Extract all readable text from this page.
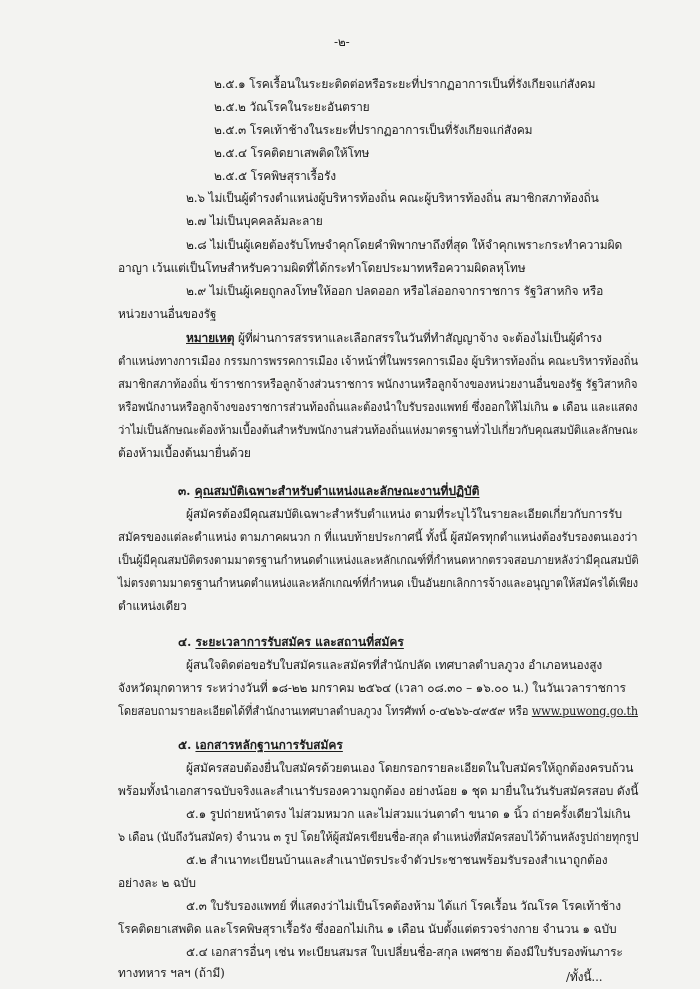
-๒-

๒.๕.๑ โรคเรื้อนในระยะติดต่อหรือระยะที่ปรากฏอาการเป็นที่รังเกียจแก่สังคม

๒.๕.๒ วัณโรคในระยะอันตราย

๒.๕.๓ โรคเท้าช้างในระยะที่ปรากฏอาการเป็นที่รังเกียจแก่สังคม

๒.๕.๔ โรคติดยาเสพติดให้โทษ

๒.๕.๕ โรคพิษสุราเรื้อรัง

๒.๖ ไม่เป็นผู้ดำรงตำแหน่งผู้บริหารท้องถิ่น คณะผู้บริหารท้องถิ่น สมาชิกสภาท้องถิ่น

๒.๗ ไม่เป็นบุคคลล้มละลาย

๒.๘ ไม่เป็นผู้เคยต้องรับโทษจำคุกโดยคำพิพากษาถึงที่สุด ให้จำคุกเพราะกระทำความผิด

อาญา เว้นแต่เป็นโทษสำหรับความผิดที่ได้กระทำโดยประมาทหรือความผิดลหุโทษ

๒.๙ ไม่เป็นผู้เคยถูกลงโทษให้ออก ปลดออก หรือไล่ออกจากราชการ รัฐวิสาหกิจ หรือ

หน่วยงานอื่นของรัฐ

หมายเหตุ ผู้ที่ผ่านการสรรหาและเลือกสรรในวันที่ทำสัญญาจ้าง จะต้องไม่เป็นผู้ดำรง

ตำแหน่งทางการเมือง กรรมการพรรคการเมือง เจ้าหน้าที่ในพรรคการเมือง ผู้บริหารท้องถิ่น คณะบริหารท้องถิ่น

สมาชิกสภาท้องถิ่น ข้าราชการหรือลูกจ้างส่วนราชการ พนักงานหรือลูกจ้างของหน่วยงานอื่นของรัฐ รัฐวิสาหกิจ

หรือพนักงานหรือลูกจ้างของราชการส่วนท้องถิ่นและต้องนำใบรับรองแพทย์ ซึ่งออกให้ไม่เกิน ๑ เดือน และแสดง

ว่าไม่เป็นลักษณะต้องห้ามเบื้องต้นสำหรับพนักงานส่วนท้องถิ่นแห่งมาตรฐานทั่วไปเกี่ยวกับคุณสมบัติและลักษณะ

ต้องห้ามเบื้องต้นมายื่นด้วย

๓. คุณสมบัติเฉพาะสำหรับตำแหน่งและลักษณะงานที่ปฏิบัติ

ผู้สมัครต้องมีคุณสมบัติเฉพาะสำหรับตำแหน่ง ตามที่ระบุไว้ในรายละเอียดเกี่ยวกับการรับ

สมัครของแต่ละตำแหน่ง ตามภาคผนวก ก ที่แนบท้ายประกาศนี้ ทั้งนี้ ผู้สมัครทุกตำแหน่งต้องรับรองตนเองว่า

เป็นผู้มีคุณสมบัติตรงตามมาตรฐานกำหนดตำแหน่งและหลักเกณฑ์ที่กำหนดหากตรวจสอบภายหลังว่ามีคุณสมบัติ

ไม่ตรงตามมาตรฐานกำหนดตำแหน่งและหลักเกณฑ์ที่กำหนด เป็นอันยกเลิกการจ้างและอนุญาตให้สมัครได้เพียง

ตำแหน่งเดียว

๔. ระยะเวลาการรับสมัคร และสถานที่สมัคร

ผู้สนใจติดต่อขอรับใบสมัครและสมัครที่สำนักปลัด เทศบาลตำบลภูวง อำเภอหนองสูง

จังหวัดมุกดาหาร ระหว่างวันที่ ๑๘-๒๒ มกราคม ๒๕๖๔ (เวลา ๐๘.๓๐ – ๑๖.๐๐ น.) ในวันเวลาราชการ

โดยสอบถามรายละเอียดได้ที่สำนักงานเทศบาลตำบลภูวง โทรศัพท์ ๐-๔๒๖๖-๔๙๕๙ หรือ www.puwong.go.th

๕. เอกสารหลักฐานการรับสมัคร

ผู้สมัครสอบต้องยื่นใบสมัครด้วยตนเอง โดยกรอกรายละเอียดในใบสมัครให้ถูกต้องครบถ้วน

พร้อมทั้งนำเอกสารฉบับจริงและสำเนารับรองความถูกต้อง อย่างน้อย ๑ ชุด มายื่นในวันรับสมัครสอบ ดังนี้

๕.๑ รูปถ่ายหน้าตรง ไม่สวมหมวก และไม่สวมแว่นตาดำ ขนาด ๑ นิ้ว ถ่ายครั้งเดียวไม่เกิน

๖ เดือน (นับถึงวันสมัคร) จำนวน ๓ รูป โดยให้ผู้สมัครเขียนชื่อ-สกุล ตำแหน่งที่สมัครสอบไว้ด้านหลังรูปถ่ายทุกรูป

๕.๒ สำเนาทะเบียนบ้านและสำเนาบัตรประจำตัวประชาชนพร้อมรับรองสำเนาถูกต้อง

อย่างละ ๒ ฉบับ

๕.๓ ใบรับรองแพทย์ ที่แสดงว่าไม่เป็นโรคต้องห้าม ได้แก่ โรคเรื้อน วัณโรค โรคเท้าช้าง

โรคติดยาเสพติด และโรคพิษสุราเรื้อรัง ซึ่งออกไม่เกิน ๑ เดือน นับตั้งแต่ตรวจร่างกาย จำนวน ๑ ฉบับ

๕.๔ เอกสารอื่นๆ เช่น ทะเบียนสมรส ใบเปลี่ยนชื่อ-สกุล เพศชาย ต้องมีใบรับรองพ้นภาระ

ทางทหาร ฯลฯ (ถ้ามี)	/ทั้งนี้...
